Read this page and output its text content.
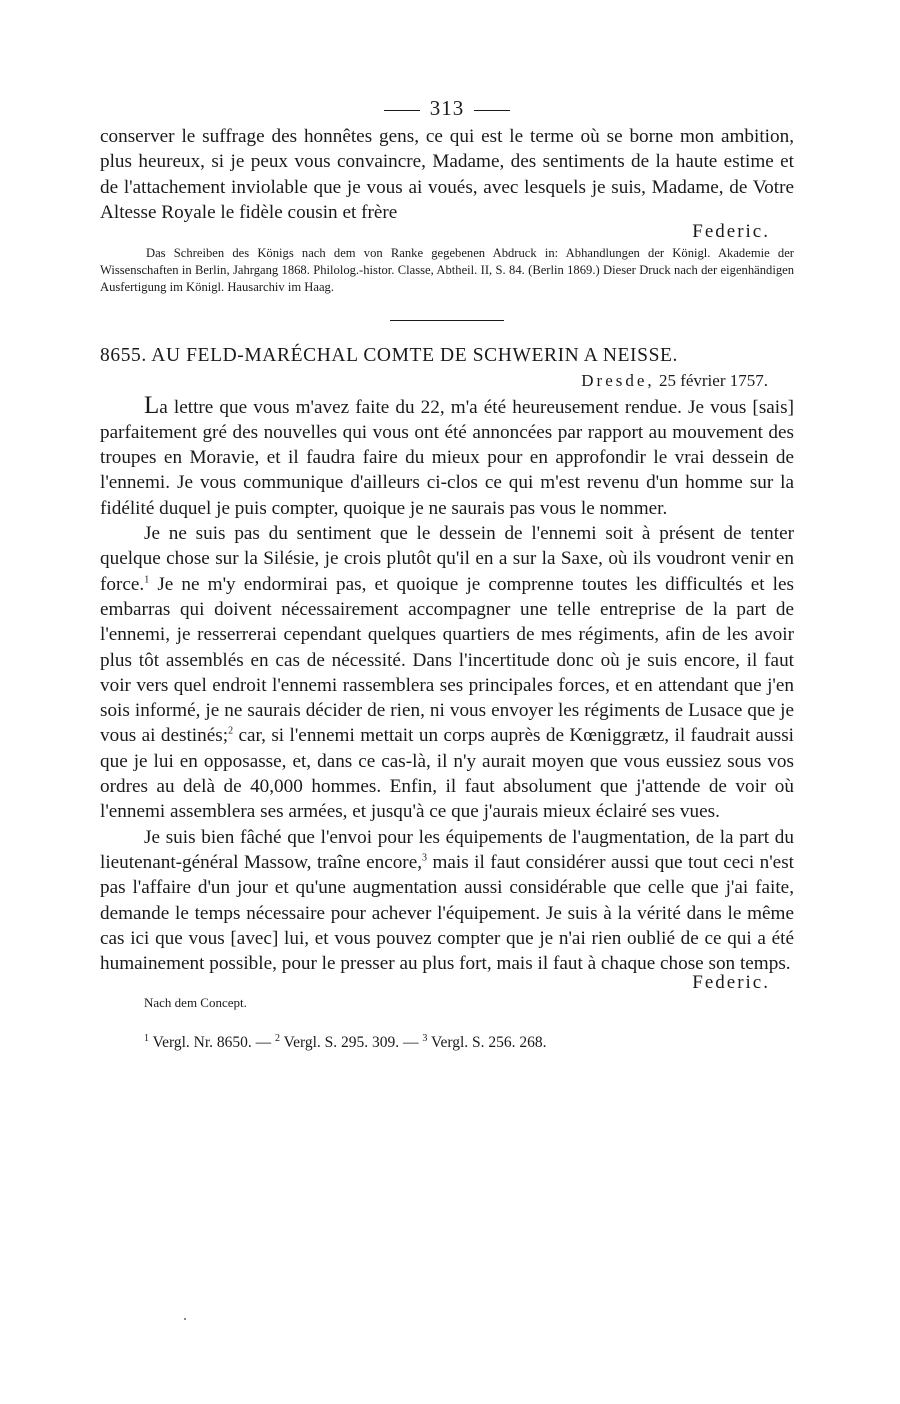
313

conserver le suffrage des honnêtes gens, ce qui est le terme où se borne mon ambition, plus heureux, si je peux vous convaincre, Madame, des sentiments de la haute estime et de l'attachement inviolable que je vous ai voués, avec lesquels je suis, Madame, de Votre Altesse Royale le fidèle cousin et frère

Federic.

Das Schreiben des Königs nach dem von Ranke gegebenen Abdruck in: Abhandlungen der Königl. Akademie der Wissenschaften in Berlin, Jahrgang 1868. Philolog.-histor. Classe, Abtheil. II, S. 84. (Berlin 1869.) Dieser Druck nach der eigenhändigen Ausfertigung im Königl. Hausarchiv im Haag.

8655. AU FELD-MARÉCHAL COMTE DE SCHWERIN A NEISSE.
Dresde, 25 février 1757.

La lettre que vous m'avez faite du 22, m'a été heureusement rendue. Je vous [sais] parfaitement gré des nouvelles qui vous ont été annoncées par rapport au mouvement des troupes en Moravie, et il faudra faire du mieux pour en approfondir le vrai dessein de l'ennemi. Je vous communique d'ailleurs ci-clos ce qui m'est revenu d'un homme sur la fidélité duquel je puis compter, quoique je ne saurais pas vous le nommer.

Je ne suis pas du sentiment que le dessein de l'ennemi soit à présent de tenter quelque chose sur la Silésie, je crois plutôt qu'il en a sur la Saxe, où ils voudront venir en force.$^1$ Je ne m'y endormirai pas, et quoique je comprenne toutes les difficultés et les embarras qui doivent nécessairement accompagner une telle entreprise de la part de l'ennemi, je resserrerai cependant quelques quartiers de mes régiments, afin de les avoir plus tôt assemblés en cas de nécessité. Dans l'incertitude donc où je suis encore, il faut voir vers quel endroit l'ennemi rassemblera ses principales forces, et en attendant que j'en sois informé, je ne saurais décider de rien, ni vous envoyer les régiments de Lusace que je vous ai destinés;$^2$ car, si l'ennemi mettait un corps auprès de Kœniggrætz, il faudrait aussi que je lui en opposasse, et, dans ce cas-là, il n'y aurait moyen que vous eussiez sous vos ordres au delà de 40,000 hommes. Enfin, il faut absolument que j'attende de voir où l'ennemi assemblera ses armées, et jusqu'à ce que j'aurais mieux éclairé ses vues.

Je suis bien fâché que l'envoi pour les équipements de l'augmentation, de la part du lieutenant-général Massow, traîne encore,$^3$ mais il faut considérer aussi que tout ceci n'est pas l'affaire d'un jour et qu'une augmentation aussi considérable que celle que j'ai faite, demande le temps nécessaire pour achever l'équipement. Je suis à la vérité dans le même cas ici que vous [avec] lui, et vous pouvez compter que je n'ai rien oublié de ce qui a été humainement possible, pour le presser au plus fort, mais il faut à chaque chose son temps.

Federic.
Nach dem Concept.
$^1$ Vergl. Nr. 8650. — $^2$ Vergl. S. 295. 309. — $^3$ Vergl. S. 256. 268.
